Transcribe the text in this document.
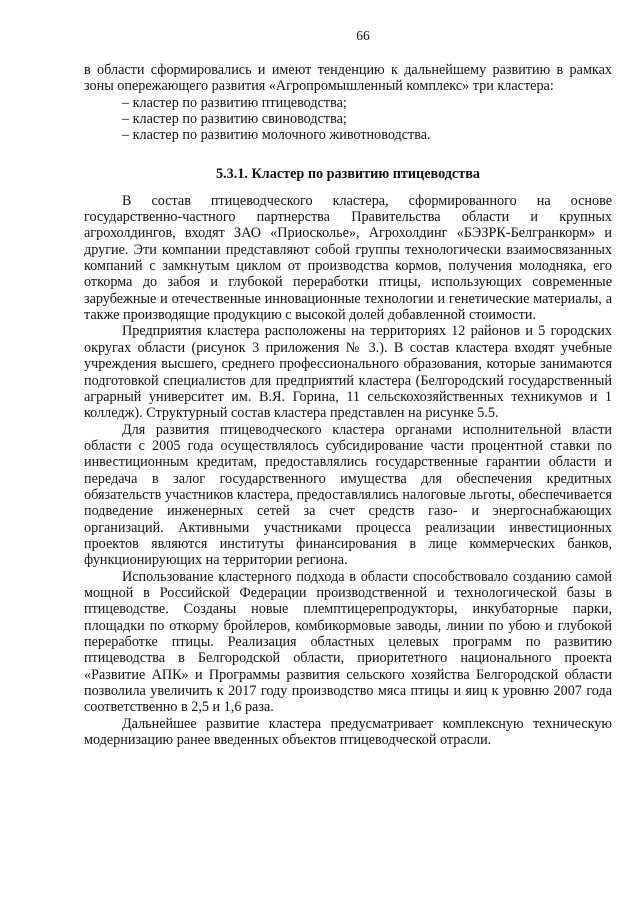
66

в области сформировались и имеют тенденцию к дальнейшему развитию в рамках зоны опережающего развития «Агропромышленный комплекс» три кластера:

– кластер по развитию птицеводства;

– кластер по развитию свиноводства;

– кластер по развитию молочного животноводства.

5.3.1. Кластер по развитию птицеводства

В состав птицеводческого кластера, сформированного на основе государственно-частного партнерства Правительства области и крупных агрохолдингов, входят ЗАО «Приосколье», Агрохолдинг «БЭЗРК-Белгранкорм» и другие. Эти компании представляют собой группы технологически взаимосвязанных компаний с замкнутым циклом от производства кормов, получения молодняка, его откорма до забоя и глубокой переработки птицы, использующих современные зарубежные и отечественные инновационные технологии и генетические материалы, а также производящие продукцию с высокой долей добавленной стоимости.

Предприятия кластера расположены на территориях 12 районов и 5 городских округах области (рисунок 3 приложения № 3.). В состав кластера входят учебные учреждения высшего, среднего профессионального образования, которые занимаются подготовкой специалистов для предприятий кластера (Белгородский государственный аграрный университет им. В.Я. Горина, 11 сельскохозяйственных техникумов и 1 колледж). Структурный состав кластера представлен на рисунке 5.5.

Для развития птицеводческого кластера органами исполнительной власти области с 2005 года осуществлялось субсидирование части процентной ставки по инвестиционным кредитам, предоставлялись государственные гарантии области и передача в залог государственного имущества для обеспечения кредитных обязательств участников кластера, предоставлялись налоговые льготы, обеспечивается подведение инженерных сетей за счет средств газо- и энергоснабжающих организаций. Активными участниками процесса реализации инвестиционных проектов являются институты финансирования в лице коммерческих банков, функционирующих на территории региона.

Использование кластерного подхода в области способствовало созданию самой мощной в Российской Федерации производственной и технологической базы в птицеводстве. Созданы новые племптицерепродукторы, инкубаторные парки, площадки по откорму бройлеров, комбикормовые заводы, линии по убою и глубокой переработке птицы. Реализация областных целевых программ по развитию птицеводства в Белгородской области, приоритетного национального проекта «Развитие АПК» и Программы развития сельского хозяйства Белгородской области позволила увеличить к 2017 году производство мяса птицы и яиц к уровню 2007 года соответственно в 2,5 и 1,6 раза.

Дальнейшее развитие кластера предусматривает комплексную техническую модернизацию ранее введенных объектов птицеводческой отрасли.
